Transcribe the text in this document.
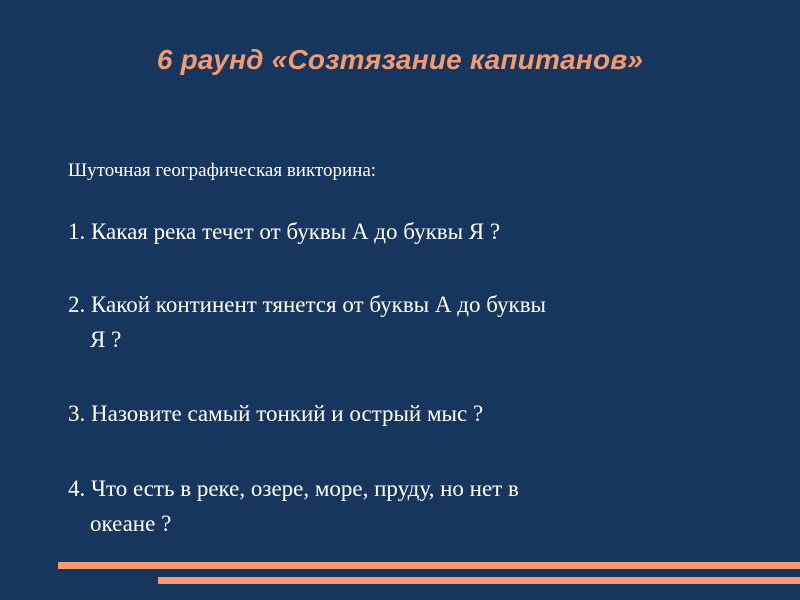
6 раунд «Созтязание капитанов»
Шуточная географическая викторина:
1. Какая река течет от буквы А до буквы Я ?
2. Какой континент тянется от буквы А до буквы
Я ?
3. Назовите самый тонкий и острый мыс ?
4. Что есть в реке, озере, море, пруду, но нет в
океане ?
